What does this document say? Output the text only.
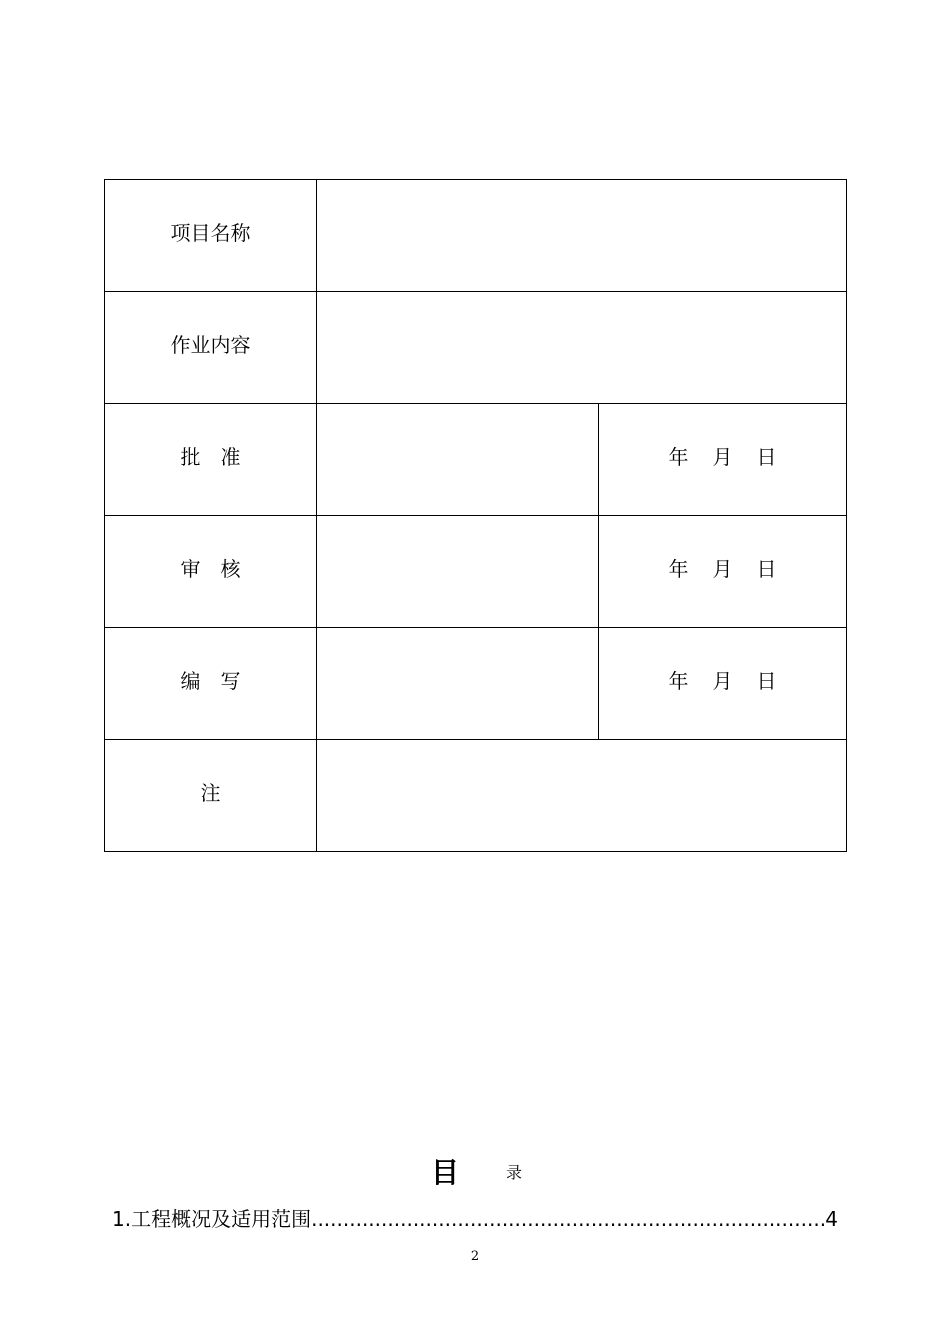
项目名称		
作业内容		
批　准		年 月 日
审　核		年 月 日
编　写		年 月 日
注		
目	录
1. 工程概况及适用范围 .....	4
2
